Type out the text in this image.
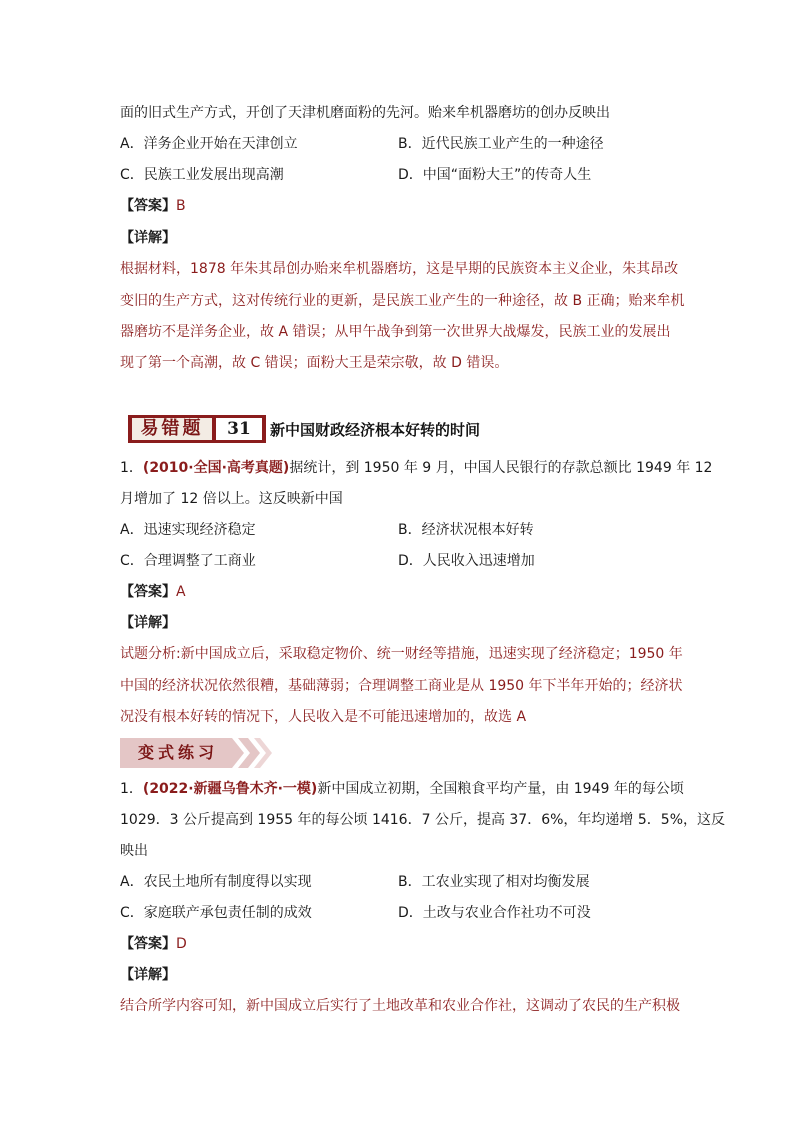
面的旧式生产方式，开创了天津机磨面粉的先河。贻来牟机器磨坊的创办反映出
A．洋务企业开始在天津创立	B．近代民族工业产生的一种途径
C．民族工业发展出现高潮	D．中国“面粉大王”的传奇人生
【答案】B
【详解】
根据材料，1878 年朱其昂创办贻来牟机器磨坊，这是早期的民族资本主义企业，朱其昂改
变旧的生产方式，这对传统行业的更新，是民族工业产生的一种途径，故 B 正确；贻来牟机
器磨坊不是洋务企业，故 A 错误；从甲午战争到第一次世界大战爆发，民族工业的发展出
现了第一个高潮，故 C 错误；面粉大王是荣宗敬，故 D 错误。
易错题	31	新中国财政经济根本好转的时间
1．(2010·全国·高考真题)据统计，到 1950 年 9 月，中国人民银行的存款总额比 1949 年 12
月增加了 12 倍以上。这反映新中国
A．迅速实现经济稳定	B．经济状况根本好转
C．合理调整了工商业	D．人民收入迅速增加
【答案】A
【详解】
试题分析:新中国成立后，采取稳定物价、统一财经等措施，迅速实现了经济稳定；1950 年
中国的经济状况依然很糟，基础薄弱；合理调整工商业是从 1950 年下半年开始的；经济状
况没有根本好转的情况下，人民收入是不可能迅速增加的，故选 A
变式练习
1．(2022·新疆乌鲁木齐·一模)新中国成立初期，全国粮食平均产量，由 1949 年的每公顷
1029．3 公斤提高到 1955 年的每公顷 1416．7 公斤，提高 37．6%，年均递增 5．5%，这反
映出
A．农民土地所有制度得以实现	B．工农业实现了相对均衡发展
C．家庭联产承包责任制的成效	D．土改与农业合作社功不可没
【答案】D
【详解】
结合所学内容可知，新中国成立后实行了土地改革和农业合作社，这调动了农民的生产积极
